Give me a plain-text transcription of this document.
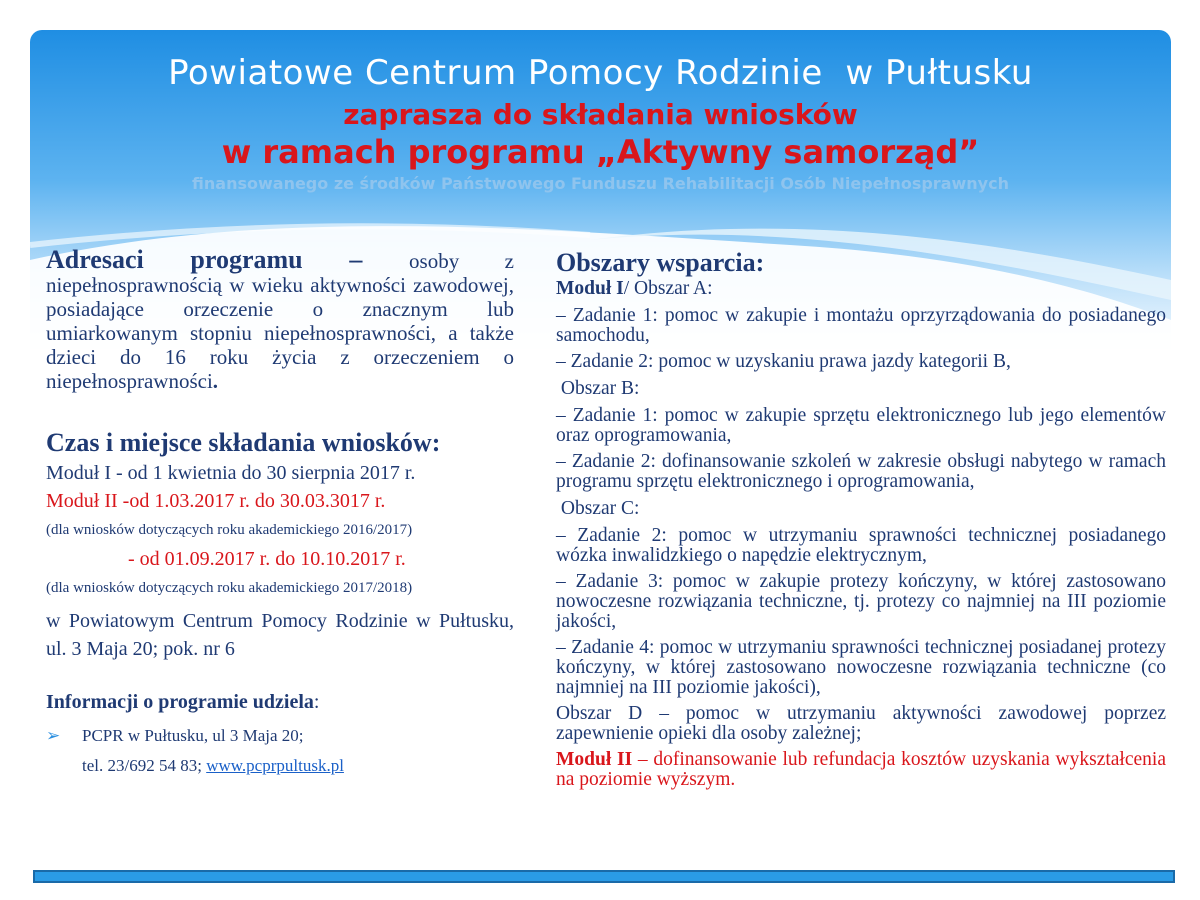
Powiatowe Centrum Pomocy Rodzinie  w Pułtusku
zaprasza do składania wniosków
w ramach programu „Aktywny samorząd”
finansowanego ze środków Państwowego Funduszu Rehabilitacji Osób Niepełnosprawnych
Adresaci programu – osoby z niepełnosprawnością w wieku aktywności zawodowej, posiadające orzeczenie o znacznym lub umiarkowanym stopniu niepełnosprawności, a także dzieci do 16 roku życia z orzeczeniem o niepełnosprawności.
Czas i miejsce składania wniosków:
Moduł I - od 1 kwietnia do 30 sierpnia 2017 r.
Moduł II -od 1.03.2017 r. do 30.03.3017 r.
(dla wniosków dotyczących roku akademickiego 2016/2017)
- od 01.09.2017 r. do 10.10.2017 r.
(dla wniosków dotyczących roku akademickiego 2017/2018)
w Powiatowym Centrum Pomocy Rodzinie w Pułtusku, ul. 3 Maja 20; pok. nr 6
Informacji o programie udziela:
➢ PCPR w Pułtusku, ul 3 Maja 20;
tel. 23/692 54 83; www.pcprpultusk.pl
Obszary wsparcia:
Moduł I/ Obszar A:
– Zadanie 1: pomoc w zakupie i montażu oprzyrządowania do posiadanego samochodu,
– Zadanie 2: pomoc w uzyskaniu prawa jazdy kategorii B,
Obszar B:
– Zadanie 1: pomoc w zakupie sprzętu elektronicznego lub jego elementów oraz oprogramowania,
– Zadanie 2: dofinansowanie szkoleń w zakresie obsługi nabytego w ramach programu sprzętu elektronicznego i oprogramowania,
Obszar C:
– Zadanie 2: pomoc w utrzymaniu sprawności technicznej posiadanego wózka inwalidzkiego o napędzie elektrycznym,
– Zadanie 3: pomoc w zakupie protezy kończyny, w której zastosowano nowoczesne rozwiązania techniczne, tj. protezy co najmniej na III poziomie jakości,
– Zadanie 4: pomoc w utrzymaniu sprawności technicznej posiadanej protezy kończyny, w której zastosowano nowoczesne rozwiązania techniczne (co najmniej na III poziomie jakości),
Obszar D – pomoc w utrzymaniu aktywności zawodowej poprzez zapewnienie opieki dla osoby zależnej;
Moduł II – dofinansowanie lub refundacja kosztów uzyskania wykształcenia na poziomie wyższym.
